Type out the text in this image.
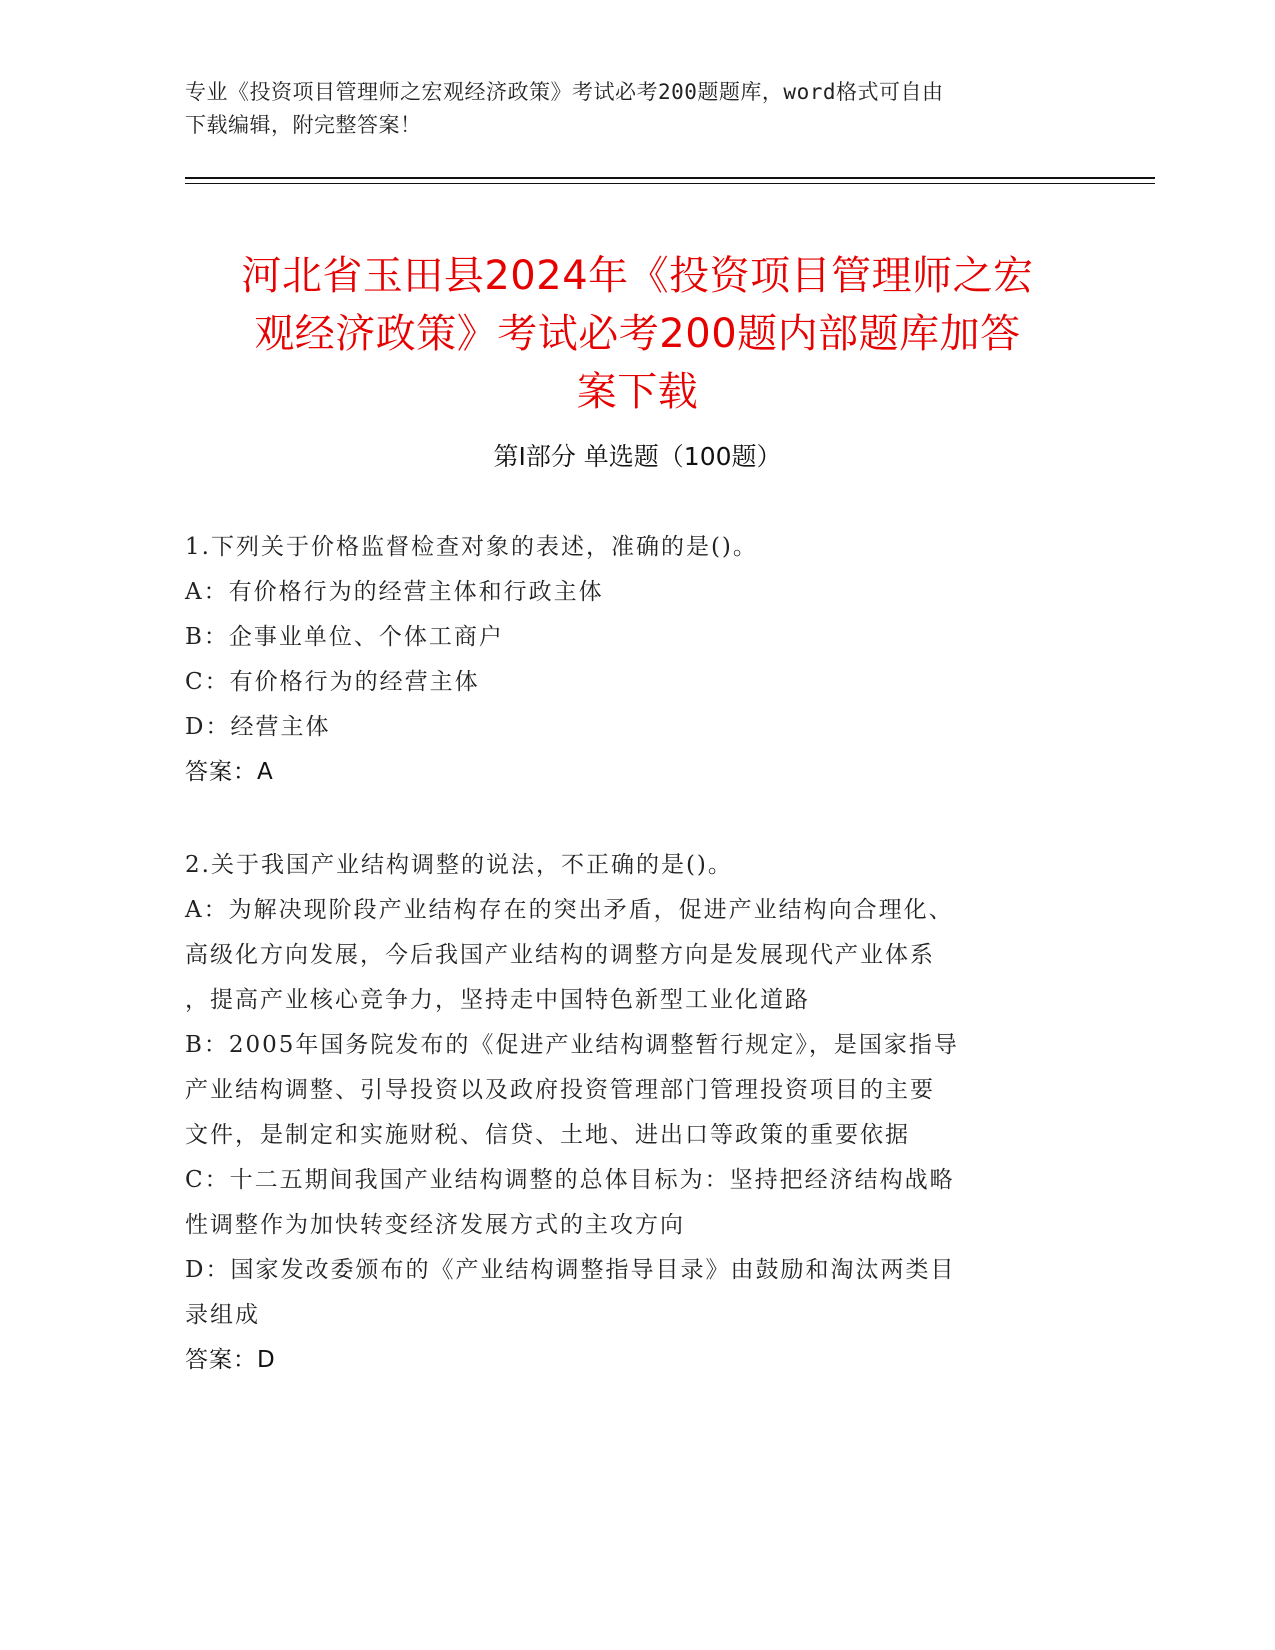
专业《投资项目管理师之宏观经济政策》考试必考200题题库，word格式可自由
下载编辑，附完整答案！
河北省玉田县2024年《投资项目管理师之宏
观经济政策》考试必考200题内部题库加答
案下载
第Ⅰ部分 单选题（100题）
1.下列关于价格监督检查对象的表述，准确的是()。
A：有价格行为的经营主体和行政主体
B：企事业单位、个体工商户
C：有价格行为的经营主体
D：经营主体
答案：A
2.关于我国产业结构调整的说法，不正确的是()。
A：为解决现阶段产业结构存在的突出矛盾，促进产业结构向合理化、
高级化方向发展，今后我国产业结构的调整方向是发展现代产业体系
，提高产业核心竞争力，坚持走中国特色新型工业化道路
B：2005年国务院发布的《促进产业结构调整暂行规定》，是国家指导
产业结构调整、引导投资以及政府投资管理部门管理投资项目的主要
文件，是制定和实施财税、信贷、土地、进出口等政策的重要依据
C：十二五期间我国产业结构调整的总体目标为：坚持把经济结构战略
性调整作为加快转变经济发展方式的主攻方向
D：国家发改委颁布的《产业结构调整指导目录》由鼓励和淘汰两类目
录组成
答案：D
